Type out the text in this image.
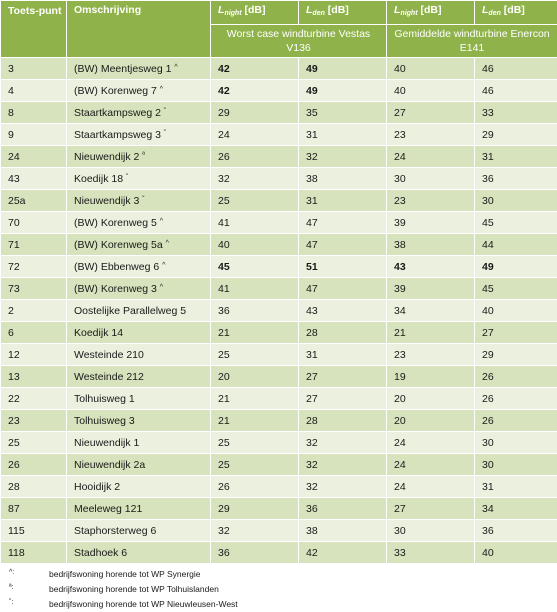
Toets-punt	Omschrijving	$L_{night}$ [dB]	$L_{den}$ [dB]	$L_{night}$ [dB]	$L_{den}$ [dB]
		Worst case windturbine Vestas V136		Gemiddelde windturbine Enercon E141	
3	(BW) Meentjesweg 1 ^	42	49	40	46
4	(BW) Korenweg 7 ^	42	49	40	46
8	Staartkampsweg 2 ˘	29	35	27	33
9	Staartkampsweg 3 ˘	24	31	23	29
24	Nieuwendijk 2 $^ª$	26	32	24	31
43	Koedijk 18 ˘	32	38	30	36
25a	Nieuwendijk 3 ˘	25	31	23	30
70	(BW) Korenweg 5 ^	41	47	39	45
71	(BW) Korenweg 5a ^	40	47	38	44
72	(BW) Ebbenweg 6 ^	45	51	43	49
73	(BW) Korenweg 3 ^	41	47	39	45
2	Oostelijke Parallelweg 5	36	43	34	40
6	Koedijk 14	21	28	21	27
12	Westeinde 210	25	31	23	29
13	Westeinde 212	20	27	19	26
22	Tolhuisweg 1	21	27	20	26
23	Tolhuisweg 3	21	28	20	26
25	Nieuwendijk 1	25	32	24	30
26	Nieuwendijk 2a	25	32	24	30
28	Hooidijk 2	26	32	24	31
87	Meeleweg 121	29	36	27	34
115	Staphorsterweg 6	32	38	30	36
118	Stadhoek 6	36	42	33	40
^:	bedrijfswoning horende tot WP Synergie
ª:	bedrijfswoning horende tot WP Tolhuislanden
˘:	bedrijfswoning horende tot WP Nieuwleusen-West
